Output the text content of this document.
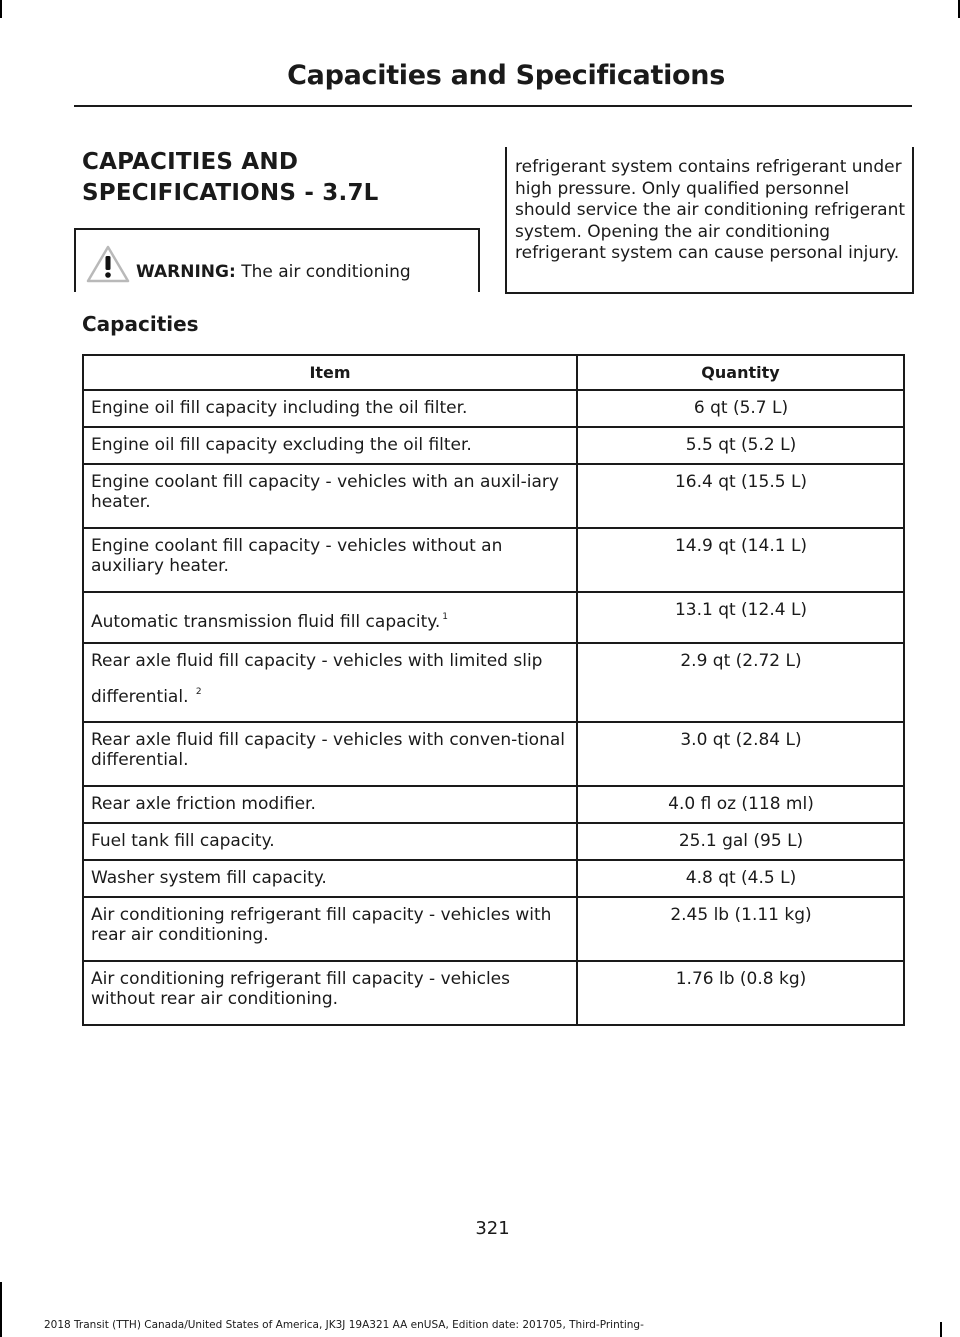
Capacities and Specifications
CAPACITIES AND SPECIFICATIONS - 3.7L
WARNING: The air conditioning
refrigerant system contains refrigerant under high pressure. Only qualified personnel should service the air conditioning refrigerant system. Opening the air conditioning refrigerant system can cause personal injury.
Capacities
Item	Quantity
Engine oil fill capacity including the oil filter.	6 qt (5.7 L)
Engine oil fill capacity excluding the oil filter.	5.5 qt (5.2 L)
Engine coolant fill capacity - vehicles with an auxil-iary heater.	16.4 qt (15.5 L)
Engine coolant fill capacity - vehicles without an auxiliary heater.	14.9 qt (14.1 L)
Automatic transmission fluid fill capacity. $^1$	13.1 qt (12.4 L)
Rear axle fluid fill capacity - vehicles with limited slip differential. $^2$	2.9 qt (2.72 L)
Rear axle fluid fill capacity - vehicles with conven-tional differential.	3.0 qt (2.84 L)
Rear axle friction modifier.	4.0 fl oz (118 ml)
Fuel tank fill capacity.	25.1 gal (95 L)
Washer system fill capacity.	4.8 qt (4.5 L)
Air conditioning refrigerant fill capacity - vehicles with rear air conditioning.	2.45 lb (1.11 kg)
Air conditioning refrigerant fill capacity - vehicles without rear air conditioning.	1.76 lb (0.8 kg)
321
2018 Transit (TTH) Canada/United States of America, JK3J 19A321 AA enUSA, Edition date: 201705, Third-Printing-
